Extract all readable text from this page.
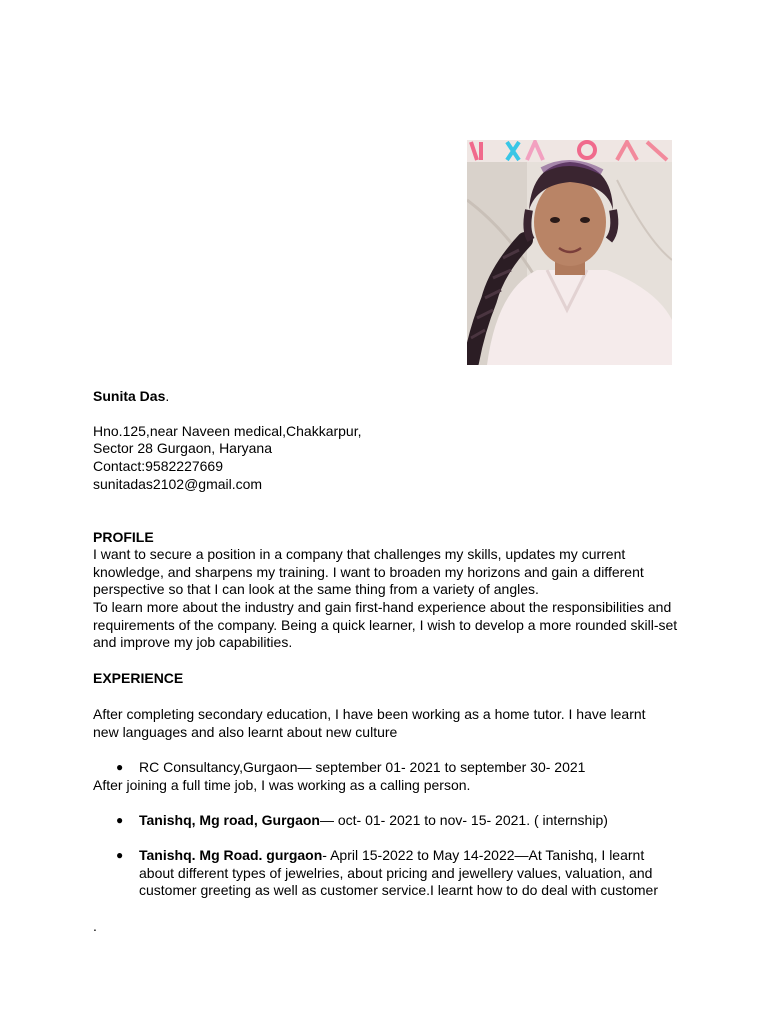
Sunita Das.
Hno.125,near Naveen medical,Chakkarpur,
Sector 28 Gurgaon, Haryana
Contact:9582227669
sunitadas2102@gmail.com
PROFILE
I want to secure a position in a company that challenges my skills, updates my current knowledge, and sharpens my training. I want to broaden my horizons and gain a different perspective so that I can look at the same thing from a variety of angles.
To learn more about the industry and gain first-hand experience about the responsibilities and requirements of the company. Being a quick learner, I wish to develop a more rounded skill-set and improve my job capabilities.
EXPERIENCE
After completing secondary education, I have been working as a home tutor. I have learnt new languages and also learnt about new culture
● RC Consultancy,Gurgaon— september 01- 2021 to september 30- 2021
After joining a full time job, I was working as a calling person.
● Tanishq, Mg road, Gurgaon— oct- 01- 2021 to nov- 15- 2021. ( internship)
● Tanishq. Mg Road. gurgaon- April 15-2022 to May 14-2022—At Tanishq, I learnt about different types of jewelries, about pricing and jewellery values, valuation, and customer greeting as well as customer service.I learnt how to do deal with customer
.
